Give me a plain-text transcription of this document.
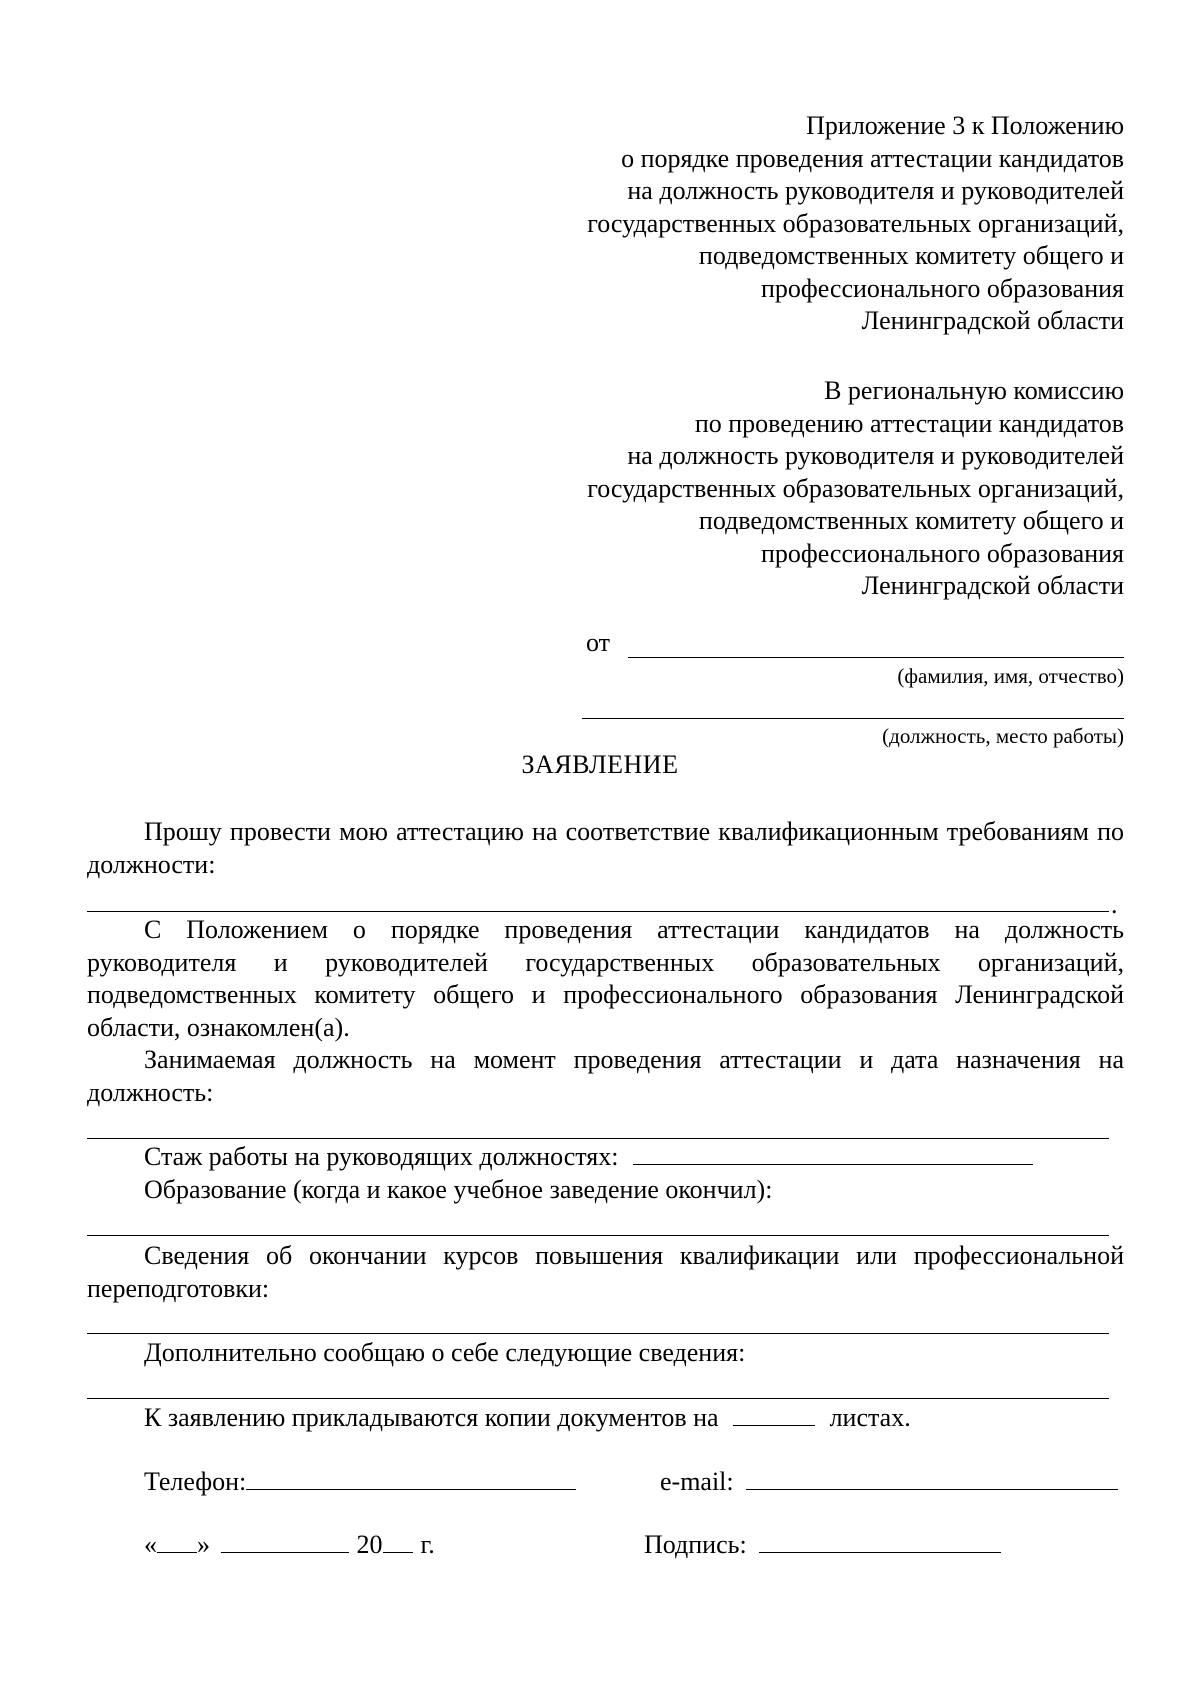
Приложение 3 к Положению
о порядке проведения аттестации кандидатов
на должность руководителя и руководителей
государственных образовательных организаций,
подведомственных комитету общего и
профессионального образования
Ленинградской области
В региональную комиссию
по проведению аттестации кандидатов
на должность руководителя и руководителей
государственных образовательных организаций,
подведомственных комитету общего и
профессионального образования
Ленинградской области
от
(фамилия, имя, отчество)
(должность, место работы)
ЗАЯВЛЕНИЕ
Прошу провести мою аттестацию на соответствие квалификационным требованиям по должности:
.
С Положением о порядке проведения аттестации кандидатов на должность руководителя и руководителей государственных образовательных организаций, подведомственных комитету общего и профессионального образования Ленинградской области, ознакомлен(а).
Занимаемая должность на момент проведения аттестации и дата назначения на должность:
Стаж работы на руководящих должностях:
Образование (когда и какое учебное заведение окончил):
Сведения об окончании курсов повышения квалификации или профессиональной переподготовки:
Дополнительно сообщаю о себе следующие сведения:
К заявлению прикладываются копии документов на	листах.
Телефон:	e-mail:
« »	20 г.	Подпись:
